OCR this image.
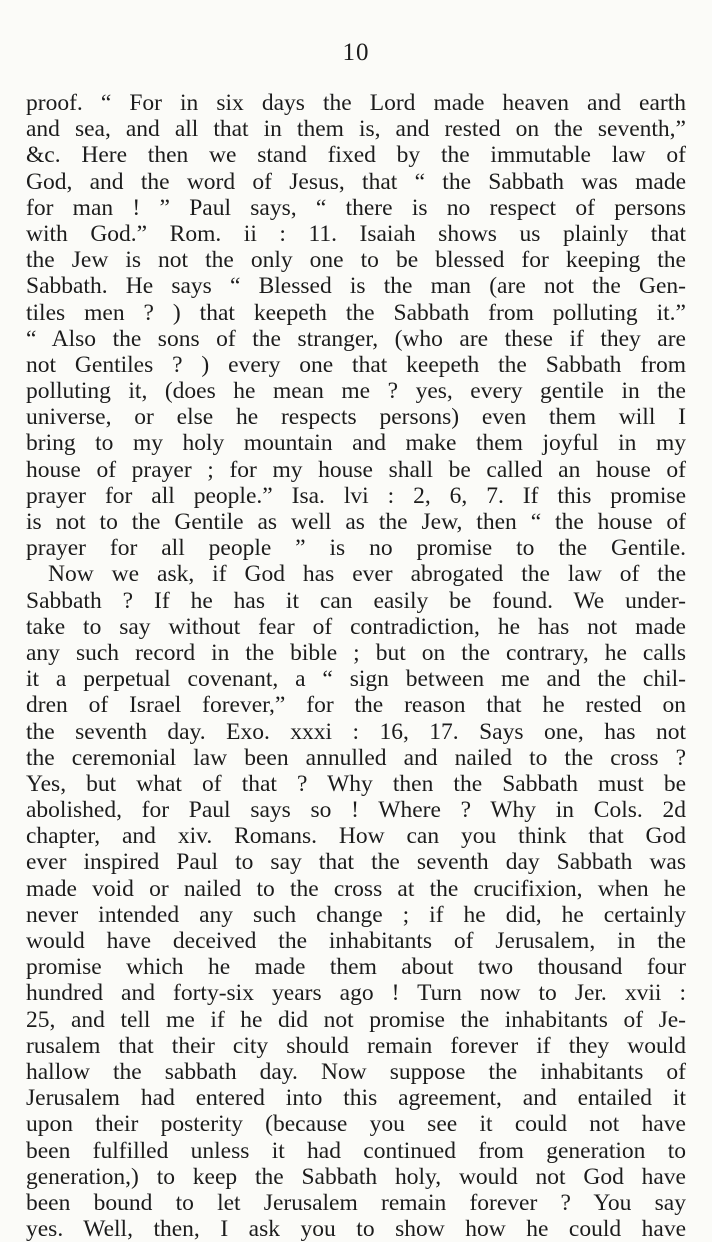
10
proof. “ For in six days the Lord made heaven and earth
and sea, and all that in them is, and rested on the seventh,”
&c. Here then we stand fixed by the immutable law of
God, and the word of Jesus, that “ the Sabbath was made
for man ! ” Paul says, “ there is no respect of persons
with God.” Rom. ii : 11. Isaiah shows us plainly that
the Jew is not the only one to be blessed for keeping the
Sabbath. He says “ Blessed is the man (are not the Gen-
tiles men ? ) that keepeth the Sabbath from polluting it.”
“ Also the sons of the stranger, (who are these if they are
not Gentiles ? ) every one that keepeth the Sabbath from
polluting it, (does he mean me ? yes, every gentile in the
universe, or else he respects persons) even them will I
bring to my holy mountain and make them joyful in my
house of prayer ; for my house shall be called an house of
prayer for all people.” Isa. lvi : 2, 6, 7. If this promise
is not to the Gentile as well as the Jew, then “ the house of
prayer for all people ” is no promise to the Gentile.
Now we ask, if God has ever abrogated the law of the
Sabbath ? If he has it can easily be found. We under-
take to say without fear of contradiction, he has not made
any such record in the bible ; but on the contrary, he calls
it a perpetual covenant, a “ sign between me and the chil-
dren of Israel forever,” for the reason that he rested on
the seventh day. Exo. xxxi : 16, 17. Says one, has not
the ceremonial law been annulled and nailed to the cross ?
Yes, but what of that ? Why then the Sabbath must be
abolished, for Paul says so ! Where ? Why in Cols. 2d
chapter, and xiv. Romans. How can you think that God
ever inspired Paul to say that the seventh day Sabbath was
made void or nailed to the cross at the crucifixion, when he
never intended any such change ; if he did, he certainly
would have deceived the inhabitants of Jerusalem, in the
promise which he made them about two thousand four
hundred and forty-six years ago ! Turn now to Jer. xvii :
25, and tell me if he did not promise the inhabitants of Je-
rusalem that their city should remain forever if they would
hallow the sabbath day. Now suppose the inhabitants of
Jerusalem had entered into this agreement, and entailed it
upon their posterity (because you see it could not have
been fulfilled unless it had continued from generation to
generation,) to keep the Sabbath holy, would not God have
been bound to let Jerusalem remain forever ? You say
yes. Well, then, I ask you to show how he could have
